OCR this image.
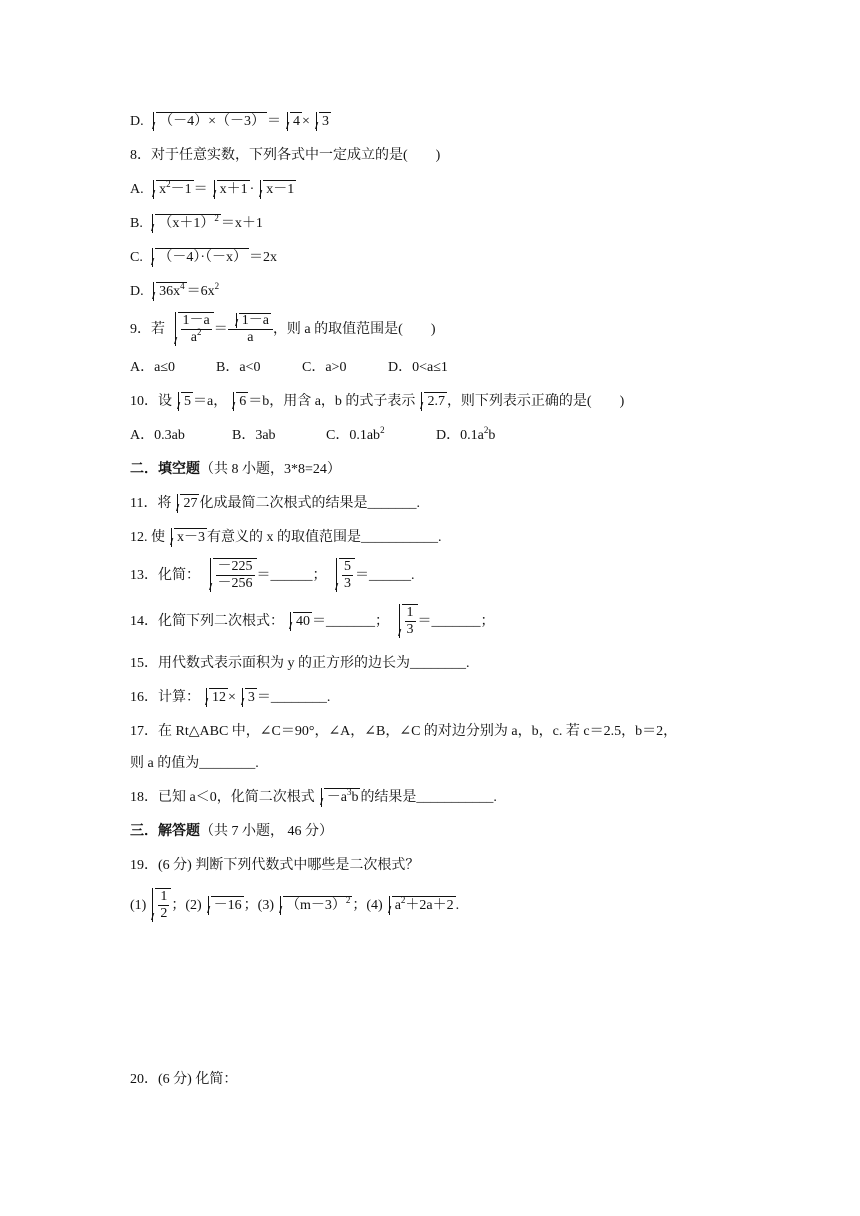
D. （－4）×（－3） ＝ 4 × 3
8．对于任意实数，下列各式中一定成立的是(　　)
A. $x^2-1 = x+1 \cdot x-1$
B. $(x+1)^2 =x+1$
C. （－4）·（－x） ＝2x
D. $36x^4 =6x^2$
9．若 $\frac{1-a}{a^2} = \frac{1-a}{a}$ ，则 a 的取值范围是(　　)
A．a≤0	B．a<0	C．a>0	D．0<a≤1
10．设 5 ＝a， 6 ＝b，用含 a，b 的式子表示 2.7 ，则下列表示正确的是(　　)
A．0.3ab	B．3ab	C．$0.1ab^2$	D．$0.1a^2b$
二．填空题（共 8 小题，3*8=24）
11．将 27 化成最简二次根式的结果是_______.
12. 使 x－3 有意义的 x 的取值范围是___________.
13．化简： $\frac{-225}{-256}$ ＝______； $\frac{5}{3}$ ＝______.
14．化简下列二次根式： 40 ＝_______； $\frac{1}{3}$ ＝_______；
15．用代数式表示面积为 y 的正方形的边长为________.
16．计算： 12 × 3 ＝________.
17．在 Rt△ABC 中，∠C＝90°，∠A，∠B，∠C 的对边分别为 a，b，c. 若 c＝2.5，b＝2，
则 a 的值为________.
18．已知 a＜0，化简二次根式 $-a^3b$ 的结果是___________.
三．解答题（共 7 小题， 46 分）
19．(6 分) 判断下列代数式中哪些是二次根式？
$(1) \frac{1}{2}$ ；(2) －16 ；(3) $(m-3)^2$ ；(4) $a^2+2a+2$ .
20．(6 分) 化简：
